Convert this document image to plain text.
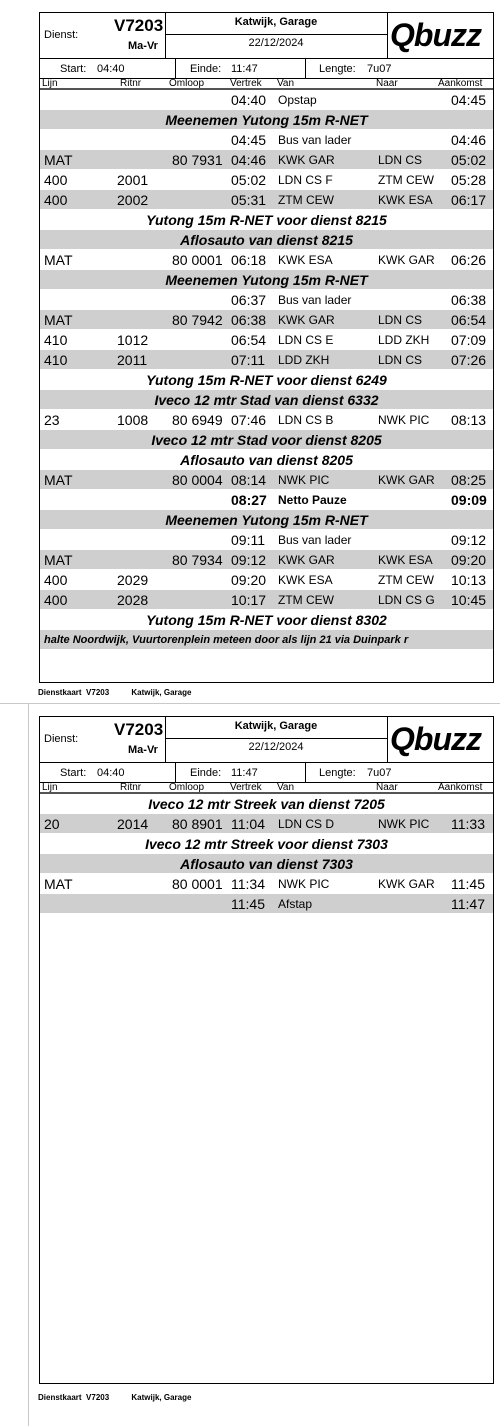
Dienst: V7203
Ma-Vr
Katwijk, Garage
22/12/2024	Qbuzz
Start: 04:40	Einde: 11:47	Lengte: 7u07
Lijn	Ritnr	Omloop	Vertrek Van	Naar	Aankomst
04:40 Opstap	04:45
Meenemen Yutong 15m R-NET
04:45 Bus van lader	04:46
MAT	80 7931 04:46 KWK GAR	LDN CS 05:02
400	2001	05:02 LDN CS F	ZTM CEW 05:28
400	2002	05:31 ZTM CEW	KWK ESA 06:17
Yutong 15m R-NET voor dienst 8215
Aflosauto van dienst 8215
MAT	80 0001 06:18 KWK ESA	KWK GAR 06:26
Meenemen Yutong 15m R-NET
06:37 Bus van lader	06:38
MAT	80 7942 06:38 KWK GAR	LDN CS 06:54
410	1012	06:54 LDN CS E	LDD ZKH 07:09
410	2011	07:11 LDD ZKH	LDN CS 07:26
Yutong 15m R-NET voor dienst 6249
Iveco 12 mtr Stad van dienst 6332
23	1008 80 6949 07:46 LDN CS B	NWK PIC 08:13
Iveco 12 mtr Stad voor dienst 8205
Aflosauto van dienst 8205
MAT	80 0004 08:14 NWK PIC	KWK GAR 08:25
08:27 Netto Pauze	09:09
Meenemen Yutong 15m R-NET
09:11 Bus van lader	09:12
MAT	80 7934 09:12 KWK GAR	KWK ESA 09:20
400	2029	09:20 KWK ESA	ZTM CEW 10:13
400	2028	10:17 ZTM CEW	LDN CS G 10:45
Yutong 15m R-NET voor dienst 8302
halte Noordwijk, Vuurtorenplein meteen door als lijn 21 via Duinpark r
Dienstkaart V7203	Katwijk, Garage
Dienst: V7203
Ma-Vr
Katwijk, Garage
22/12/2024	Qbuzz
Start: 04:40	Einde: 11:47	Lengte: 7u07
Lijn	Ritnr	Omloop	Vertrek Van	Naar	Aankomst
Iveco 12 mtr Streek van dienst 7205
20	2014 80 8901 11:04 LDN CS D	NWK PIC 11:33
Iveco 12 mtr Streek voor dienst 7303
Aflosauto van dienst 7303
MAT	80 0001 11:34 NWK PIC	KWK GAR 11:45
11:45 Afstap	11:47
Dienstkaart V7203	Katwijk, Garage
